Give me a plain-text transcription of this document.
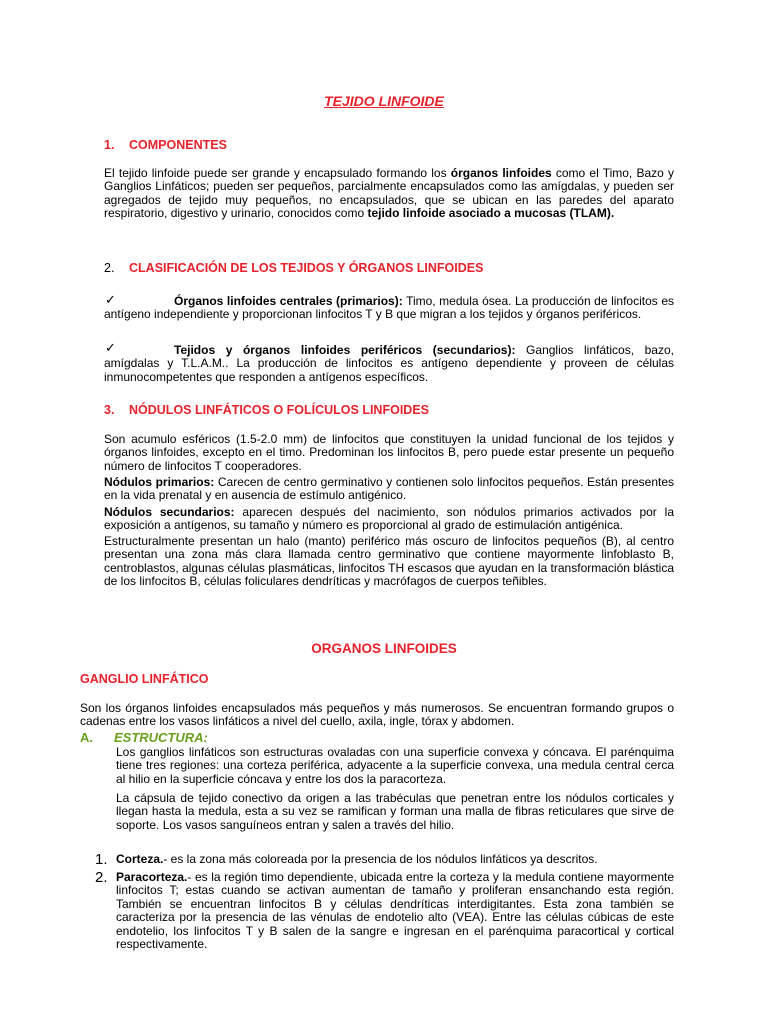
TEJIDO LINFOIDE
1. COMPONENTES
El tejido linfoide puede ser grande y encapsulado formando los órganos linfoides como el Timo, Bazo y Ganglios Linfáticos; pueden ser pequeños, parcialmente encapsulados como las amígdalas, y pueden ser agregados de tejido muy pequeños, no encapsulados, que se ubican en las paredes del aparato respiratorio, digestivo y urinario, conocidos como tejido linfoide asociado a mucosas (TLAM).
2. CLASIFICACIÓN DE LOS TEJIDOS Y ÓRGANOS LINFOIDES
✓	Órganos linfoides centrales (primarios): Timo, medula ósea. La producción de linfocitos es antígeno independiente y proporcionan linfocitos T y B que migran a los tejidos y órganos periféricos.
✓	Tejidos y órganos linfoides periféricos (secundarios): Ganglios linfáticos, bazo, amígdalas y T.L.A.M.. La producción de linfocitos es antígeno dependiente y proveen de células inmunocompetentes que responden a antígenos específicos.
3. NÓDULOS LINFÁTICOS O FOLÍCULOS LINFOIDES
Son acumulo esféricos (1.5-2.0 mm) de linfocitos que constituyen la unidad funcional de los tejidos y órganos linfoides, excepto en el timo. Predominan los linfocitos B, pero puede estar presente un pequeño número de linfocitos T cooperadores.
Nódulos primarios: Carecen de centro germinativo y contienen solo linfocitos pequeños. Están presentes en la vida prenatal y en ausencia de estímulo antigénico.
Nódulos secundarios: aparecen después del nacimiento, son nódulos primarios activados por la exposición a antígenos, su tamaño y número es proporcional al grado de estimulación antigénica.
Estructuralmente presentan un halo (manto) periférico más oscuro de linfocitos pequeños (B), al centro presentan una zona más clara llamada centro germinativo que contiene mayormente linfoblasto B, centroblastos, algunas células plasmáticas, linfocitos TH escasos que ayudan en la transformación blástica de los linfocitos B, células foliculares dendríticas y macrófagos de cuerpos teñibles.
ORGANOS LINFOIDES
GANGLIO LINFÁTICO
Son los órganos linfoides encapsulados más pequeños y más numerosos. Se encuentran formando grupos o cadenas entre los vasos linfáticos a nivel del cuello, axila, ingle, tórax y abdomen.
A. ESTRUCTURA:
Los ganglios linfáticos son estructuras ovaladas con una superficie convexa y cóncava. El parénquima tiene tres regiones: una corteza periférica, adyacente a la superficie convexa, una medula central cerca al hilio en la superficie cóncava y entre los dos la paracorteza.
La cápsula de tejido conectivo da origen a las trabéculas que penetran entre los nódulos corticales y llegan hasta la medula, esta a su vez se ramifican y forman una malla de fibras reticulares que sirve de soporte. Los vasos sanguíneos entran y salen a través del hilio.
1. Corteza.- es la zona más coloreada por la presencia de los nódulos linfáticos ya descritos.
2. Paracorteza.- es la región timo dependiente, ubicada entre la corteza y la medula contiene mayormente linfocitos T; estas cuando se activan aumentan de tamaño y proliferan ensanchando esta región. También se encuentran linfocitos B y células dendríticas interdigitantes. Esta zona también se caracteriza por la presencia de las vénulas de endotelio alto (VEA). Entre las células cúbicas de este endotelio, los linfocitos T y B salen de la sangre e ingresan en el parénquima paracortical y cortical respectivamente.
